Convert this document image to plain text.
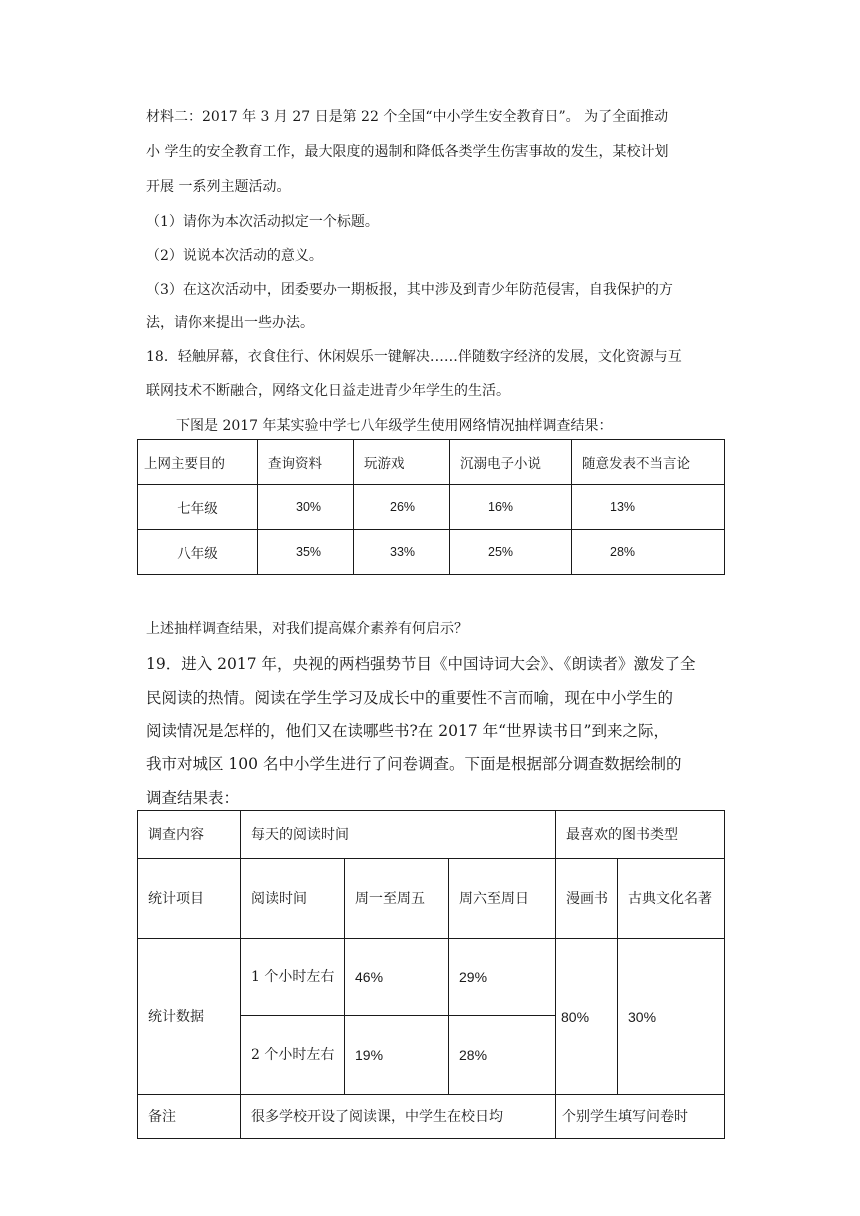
材料二：2017 年 3 月 27 日是第 22 个全国“中小学生安全教育日”。 为了全面推动
小 学生的安全教育工作，最大限度的遏制和降低各类学生伤害事故的发生，某校计划
开展 一系列主题活动。
（1）请你为本次活动拟定一个标题。
（2）说说本次活动的意义。
（3）在这次活动中，团委要办一期板报，其中涉及到青少年防范侵害，自我保护的方
法，请你来提出一些办法。
18．轻触屏幕，衣食住行、休闲娱乐一键解决……伴随数字经济的发展，文化资源与互
联网技术不断融合，网络文化日益走进青少年学生的生活。
下图是 2017 年某实验中学七八年级学生使用网络情况抽样调查结果：
上网主要目的	查询资料	玩游戏	沉溺电子小说	随意发表不当言论
七年级	30%	26%	16%	13%
八年级	35%	33%	25%	28%
上述抽样调查结果，对我们提高媒介素养有何启示？
19．进入 2017 年，央视的两档强势节目《中国诗词大会》、《朗读者》激发了全
民阅读的热情。阅读在学生学习及成长中的重要性不言而喻，现在中小学生的
阅读情况是怎样的，他们又在读哪些书?在 2017 年“世界读书日”到来之际，
我市对城区 100 名中小学生进行了问卷调查。下面是根据部分调查数据绘制的
调查结果表：
调查内容	每天的阅读时间			最喜欢的图书类型	
统计项目	阅读时间	周一至周五	周六至周日	漫画书	古典文化名著
统计数据	1 个小时左右	46%	29%	80%	30%
	2 个小时左右	19%	28%		
备注	很多学校开设了阅读课，中学生在校日均			个别学生填写问卷时	
